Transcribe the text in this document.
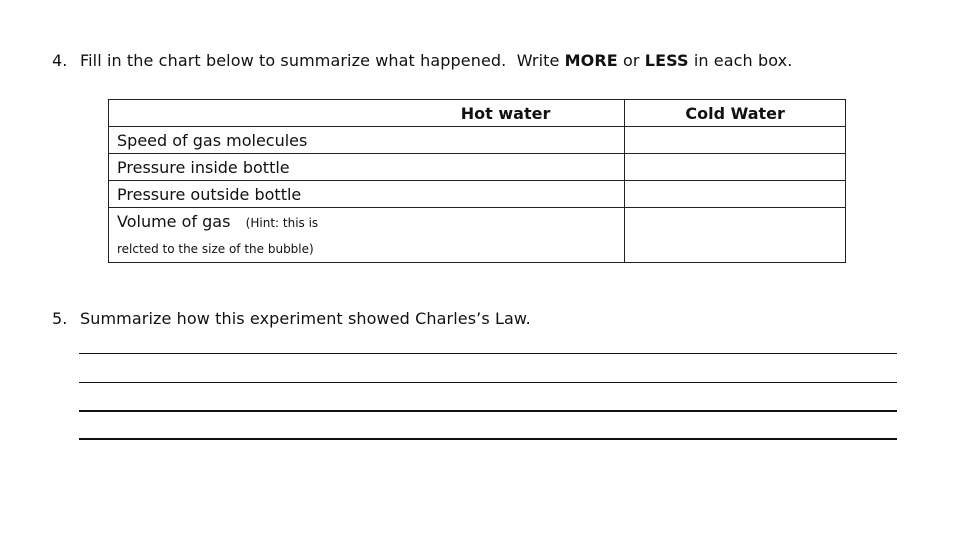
4. Fill in the chart below to summarize what happened.  Write MORE or LESS in each box.
Hot water	Cold Water
Speed of gas molecules	
Pressure inside bottle	
Pressure outside bottle	

Volume of gas (Hint: this is
relcted to the size of the bubble)	

5. Summarize how this experiment showed Charles’s Law.
